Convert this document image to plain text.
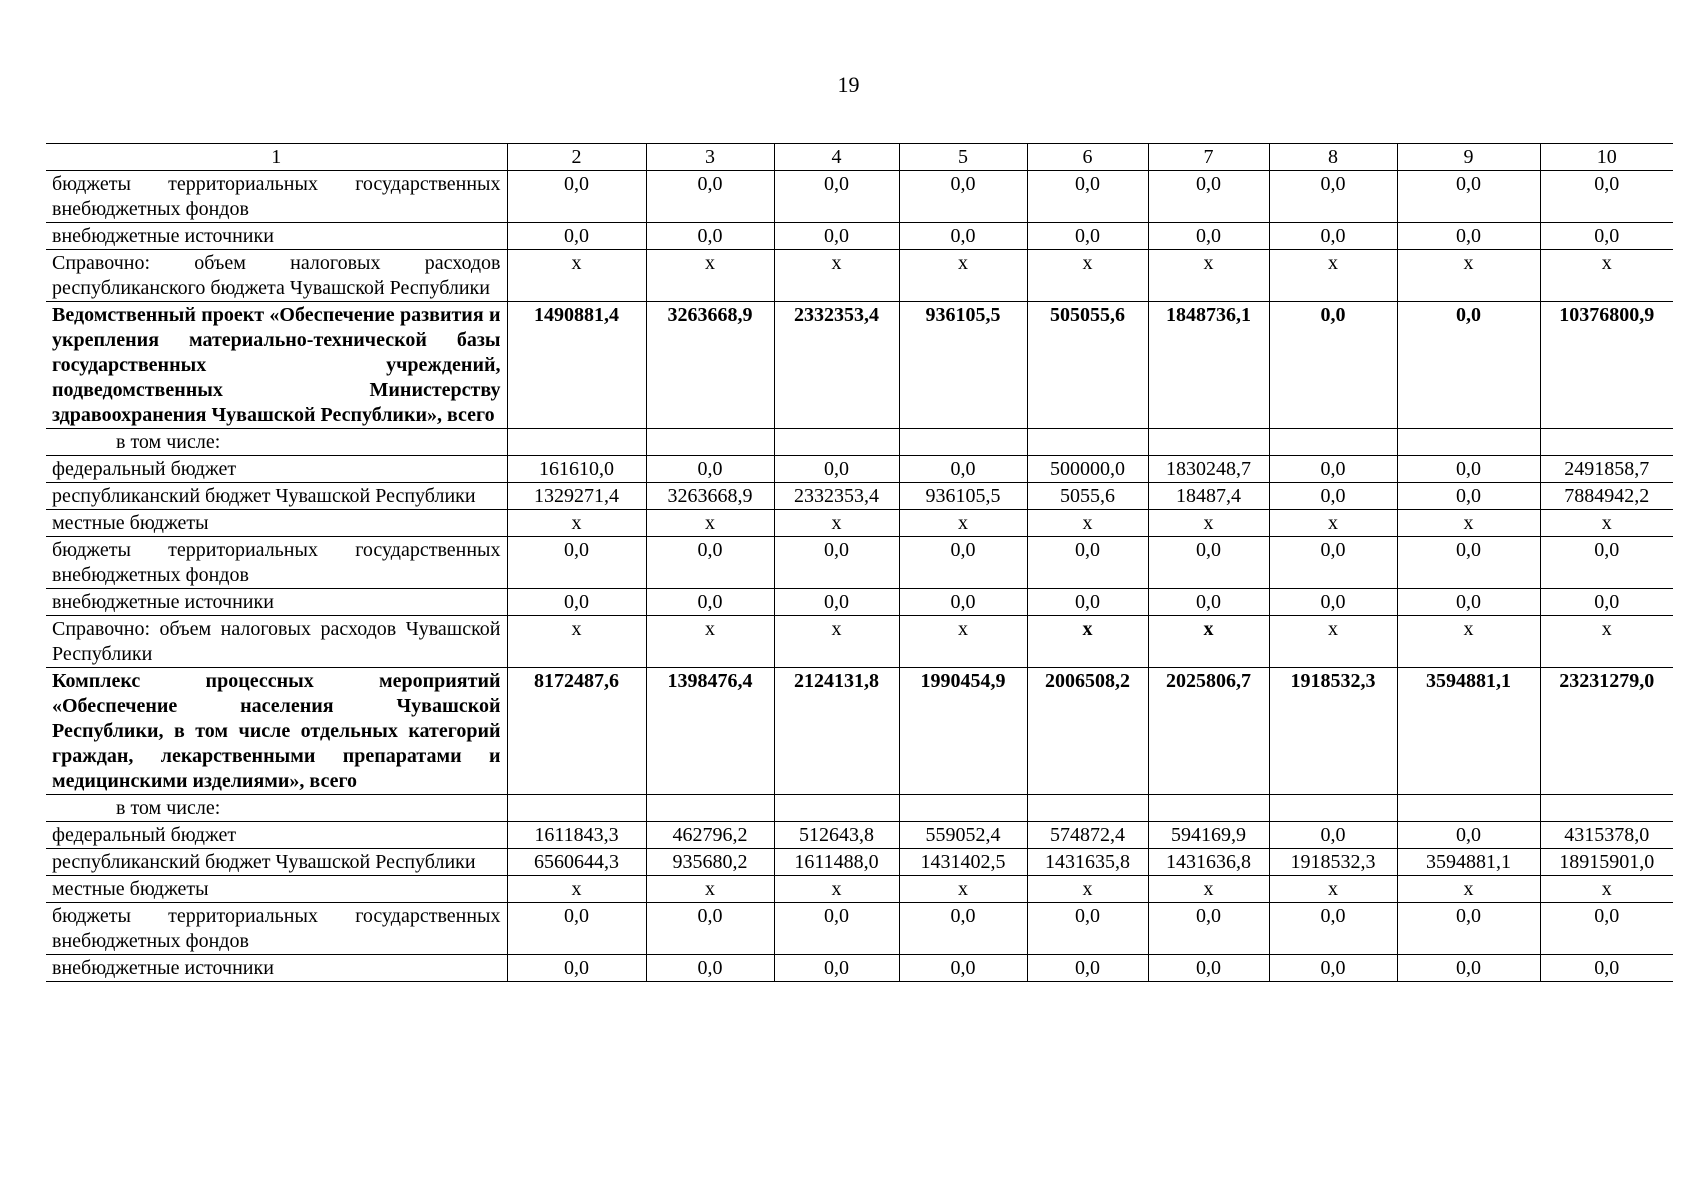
19
1	2	3	4	5	6	7	8	9	10
бюджеты территориальных государственных внебюджетных фондов	0,0	0,0	0,0	0,0	0,0	0,0	0,0	0,0	0,0
внебюджетные источники	0,0	0,0	0,0	0,0	0,0	0,0	0,0	0,0	0,0
Справочно: объем налоговых расходов республиканского бюджета Чувашской Республики	x	x	x	x	x	x	x	x	x
Ведомственный проект «Обеспечение развития и укрепления материально-технической базы государственных учреждений, подведомственных Министерству здравоохранения Чувашской Республики», всего	1490881,4	3263668,9	2332353,4	936105,5	505055,6	1848736,1	0,0	0,0	10376800,9
в том числе:									
федеральный бюджет	161610,0	0,0	0,0	0,0	500000,0	1830248,7	0,0	0,0	2491858,7
республиканский бюджет Чувашской Республики	1329271,4	3263668,9	2332353,4	936105,5	5055,6	18487,4	0,0	0,0	7884942,2
местные бюджеты	x	x	x	x	x	x	x	x	x
бюджеты территориальных государственных внебюджетных фондов	0,0	0,0	0,0	0,0	0,0	0,0	0,0	0,0	0,0
внебюджетные источники	0,0	0,0	0,0	0,0	0,0	0,0	0,0	0,0	0,0
Справочно: объем налоговых расходов Чувашской Республики	x	x	x	x	x	x	x	x	x
Комплекс процессных мероприятий «Обеспечение населения Чувашской Республики, в том числе отдельных категорий граждан, лекарственными препаратами и медицинскими изделиями», всего	8172487,6	1398476,4	2124131,8	1990454,9	2006508,2	2025806,7	1918532,3	3594881,1	23231279,0
в том числе:									
федеральный бюджет	1611843,3	462796,2	512643,8	559052,4	574872,4	594169,9	0,0	0,0	4315378,0
республиканский бюджет Чувашской Республики	6560644,3	935680,2	1611488,0	1431402,5	1431635,8	1431636,8	1918532,3	3594881,1	18915901,0
местные бюджеты	x	x	x	x	x	x	x	x	x
бюджеты территориальных государственных внебюджетных фондов	0,0	0,0	0,0	0,0	0,0	0,0	0,0	0,0	0,0
внебюджетные источники	0,0	0,0	0,0	0,0	0,0	0,0	0,0	0,0	0,0
